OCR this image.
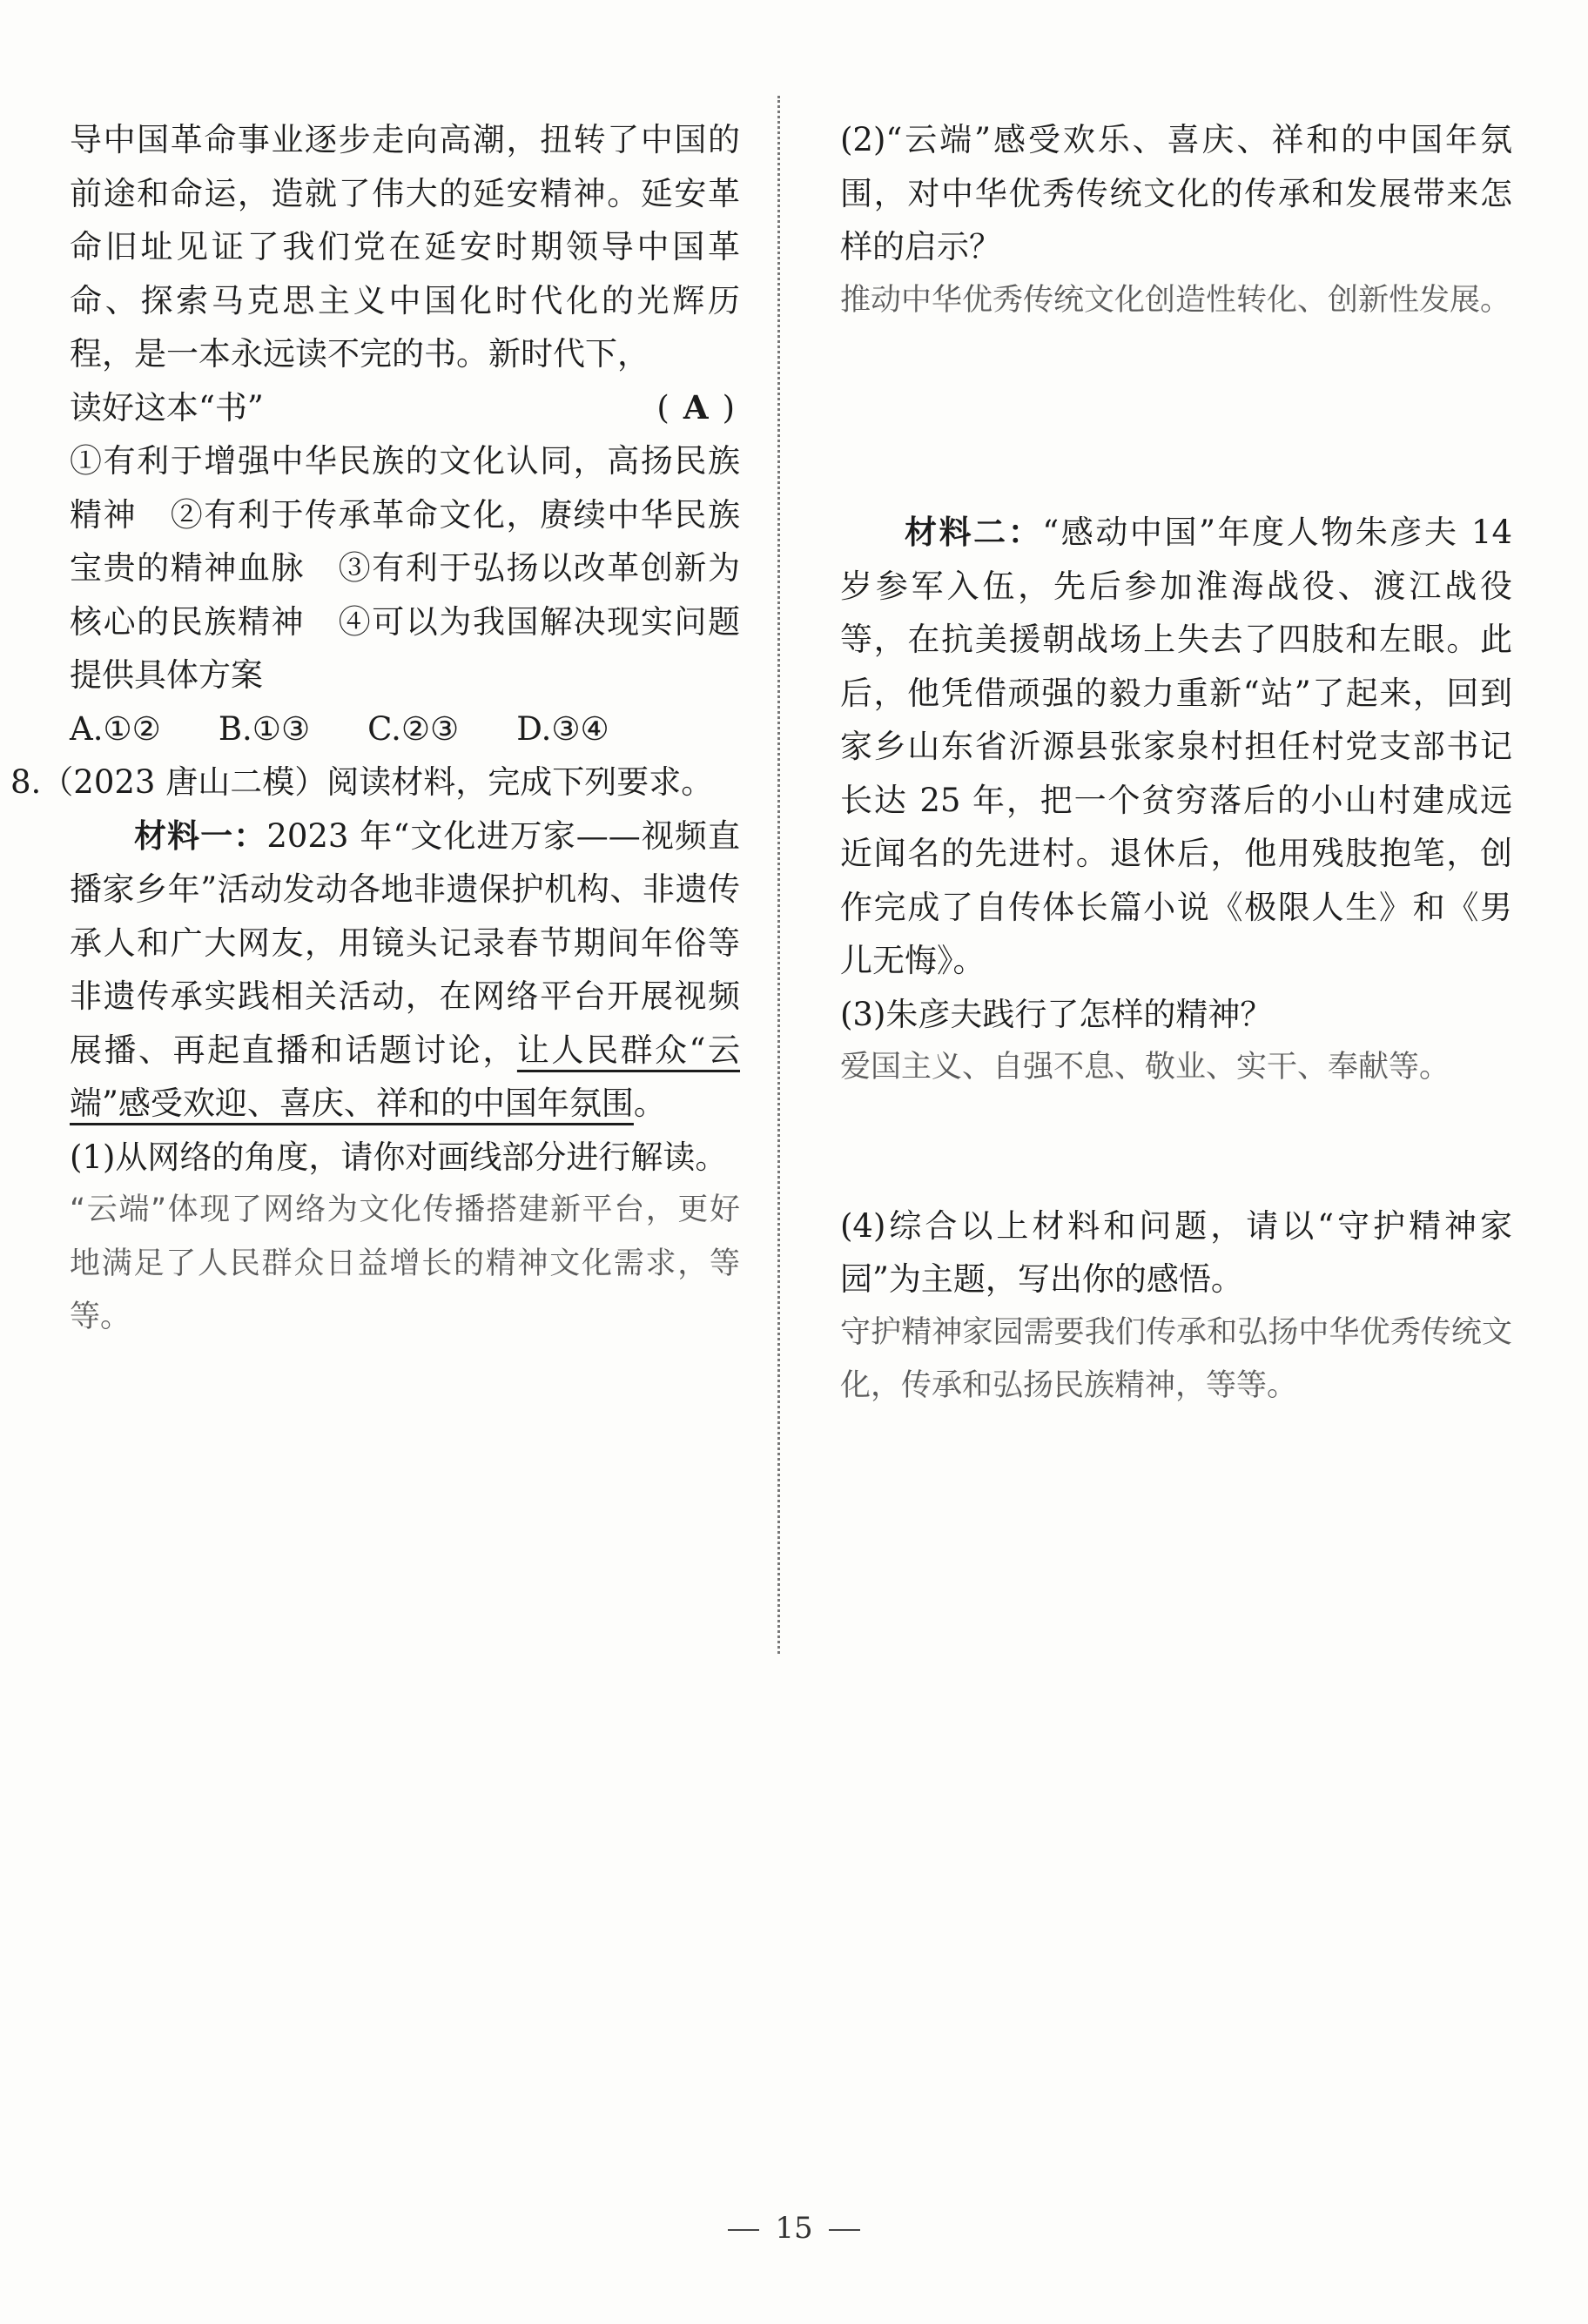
导中国革命事业逐步走向高潮，扭转了中国的前途和命运，造就了伟大的延安精神。延安革命旧址见证了我们党在延安时期领导中国革命、探索马克思主义中国化时代化的光辉历程，是一本永远读不完的书。新时代下，

读好这本“书”	( A )

①有利于增强中华民族的文化认同，高扬民族精神　②有利于传承革命文化，赓续中华民族宝贵的精神血脉　③有利于弘扬以改革创新为核心的民族精神　④可以为我国解决现实问题提供具体方案

A.①② B.①③ C.②③ D.③④

8.（2023 唐山二模）阅读材料，完成下列要求。

材料一：2023 年“文化进万家——视频直播家乡年”活动发动各地非遗保护机构、非遗传承人和广大网友，用镜头记录春节期间年俗等非遗传承实践相关活动，在网络平台开展视频展播、再起直播和话题讨论，让人民群众“云端”感受欢迎、喜庆、祥和的中国年氛围。

(1)从网络的角度，请你对画线部分进行解读。

“云端”体现了网络为文化传播搭建新平台，更好地满足了人民群众日益增长的精神文化需求，等等。

(2)“云端”感受欢乐、喜庆、祥和的中国年氛围，对中华优秀传统文化的传承和发展带来怎样的启示？

推动中华优秀传统文化创造性转化、创新性发展。

材料二：“感动中国”年度人物朱彦夫 14 岁参军入伍，先后参加淮海战役、渡江战役等，在抗美援朝战场上失去了四肢和左眼。此后，他凭借顽强的毅力重新“站”了起来，回到家乡山东省沂源县张家泉村担任村党支部书记长达 25 年，把一个贫穷落后的小山村建成远近闻名的先进村。退休后，他用残肢抱笔，创作完成了自传体长篇小说《极限人生》和《男儿无悔》。

(3)朱彦夫践行了怎样的精神？

爱国主义、自强不息、敬业、实干、奉献等。

(4)综合以上材料和问题，请以“守护精神家园”为主题，写出你的感悟。

守护精神家园需要我们传承和弘扬中华优秀传统文化，传承和弘扬民族精神，等等。

15
